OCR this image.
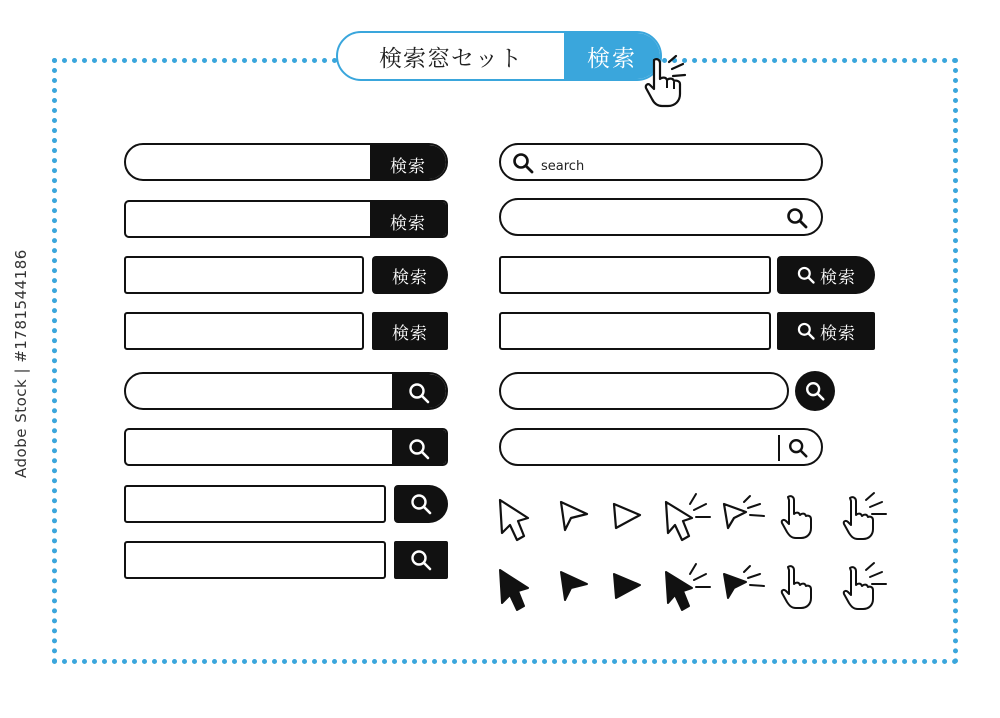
検索窓セット	検索
検索
検索
検索
検索
search
検索
検索
Adobe Stock | #1781544186
